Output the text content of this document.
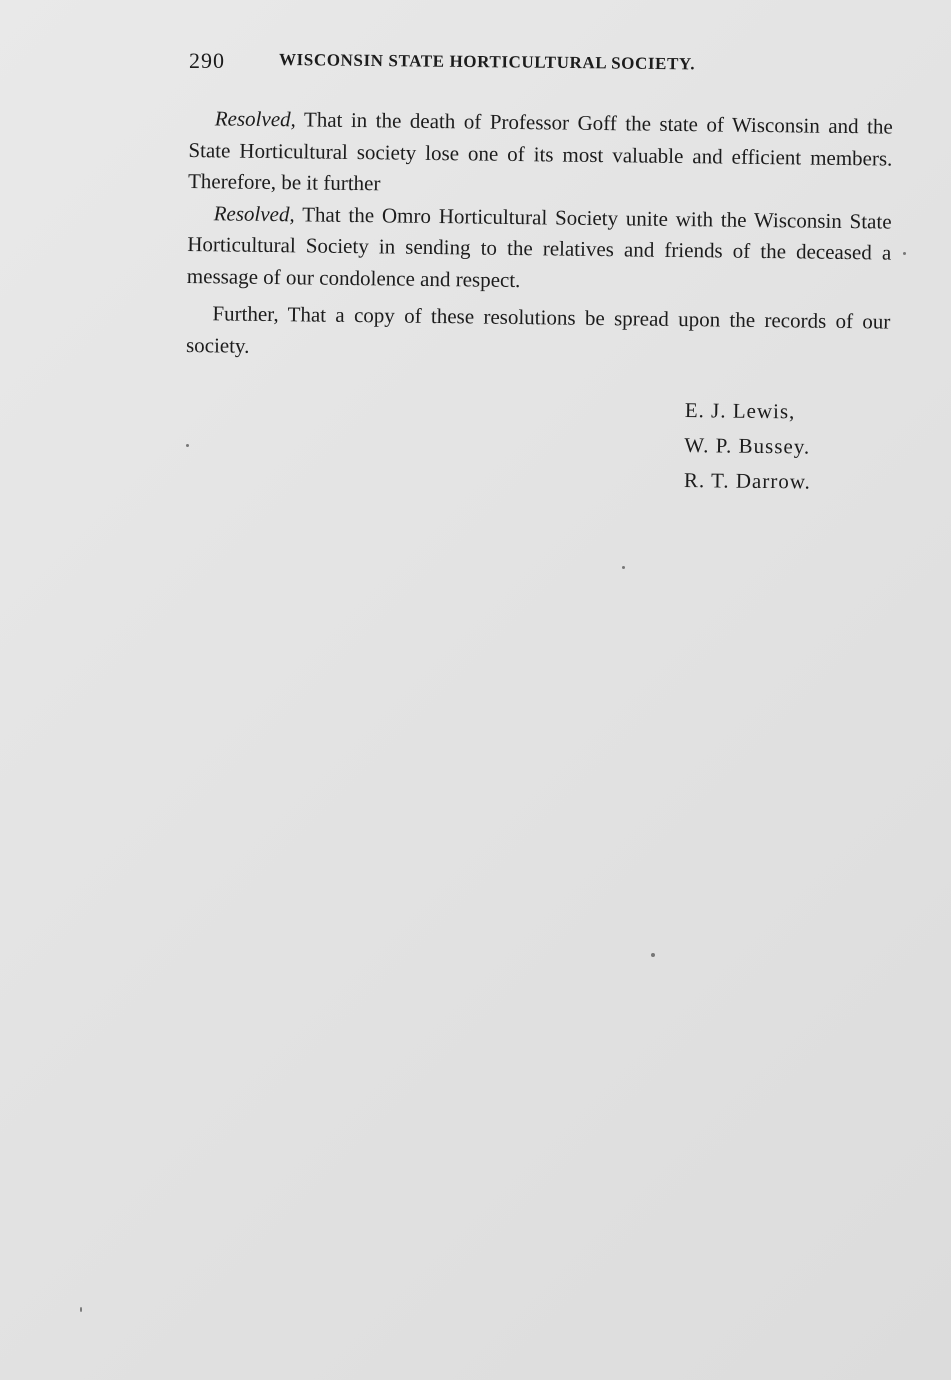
290	WISCONSIN STATE HORTICULTURAL SOCIETY.

Resolved, That in the death of Professor Goff the state of Wisconsin and the State Horticultural society lose one of its most valuable and efficient members. Therefore, be it further

Resolved, That the Omro Horticultural Society unite with the Wisconsin State Horticultural Society in sending to the relatives and friends of the deceased a message of our condolence and respect.

Further, That a copy of these resolutions be spread upon the records of our society.

E. J. Lewis,
W. P. Bussey.
R. T. Darrow.
